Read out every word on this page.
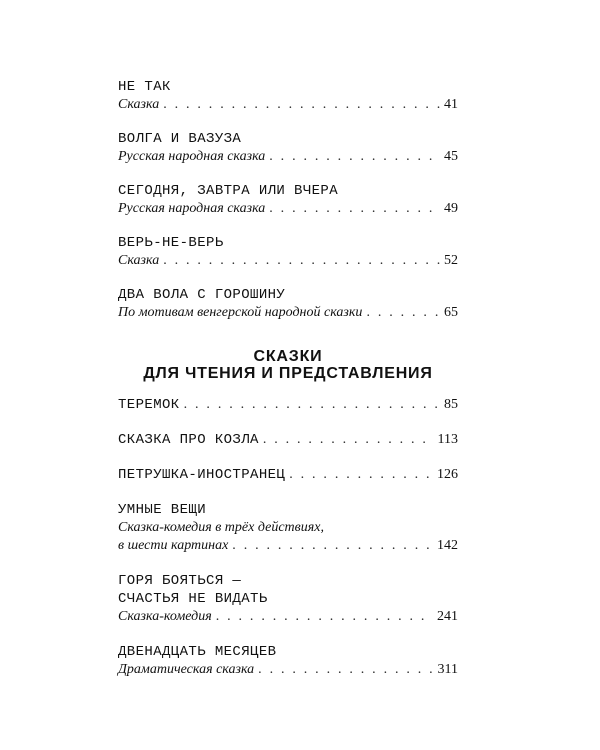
НЕ ТАК
Сказка . . .	41
ВОЛГА И ВАЗУЗА
Русская народная сказка . . .	45
СЕГОДНЯ, ЗАВТРА ИЛИ ВЧЕРА
Русская народная сказка . . .	49
ВЕРЬ-НЕ-ВЕРЬ
Сказка . . .	52
ДВА ВОЛА С ГОРОШИНУ
По мотивам венгерской народной сказки . . .	65
СКАЗКИ
ДЛЯ ЧТЕНИЯ И ПРЕДСТАВЛЕНИЯ
ТЕРЕМОК . . .	85
СКАЗКА ПРО КОЗЛА . . .	113
ПЕТРУШКА-ИНОСТРАНЕЦ . . .	126
УМНЫЕ ВЕЩИ
Сказка-комедия в трёх действиях,
в шести картинах . . .	142
ГОРЯ БОЯТЬСЯ —
СЧАСТЬЯ НЕ ВИДАТЬ
Сказка-комедия . . .	241
ДВЕНАДЦАТЬ МЕСЯЦЕВ
Драматическая сказка . . .	311
